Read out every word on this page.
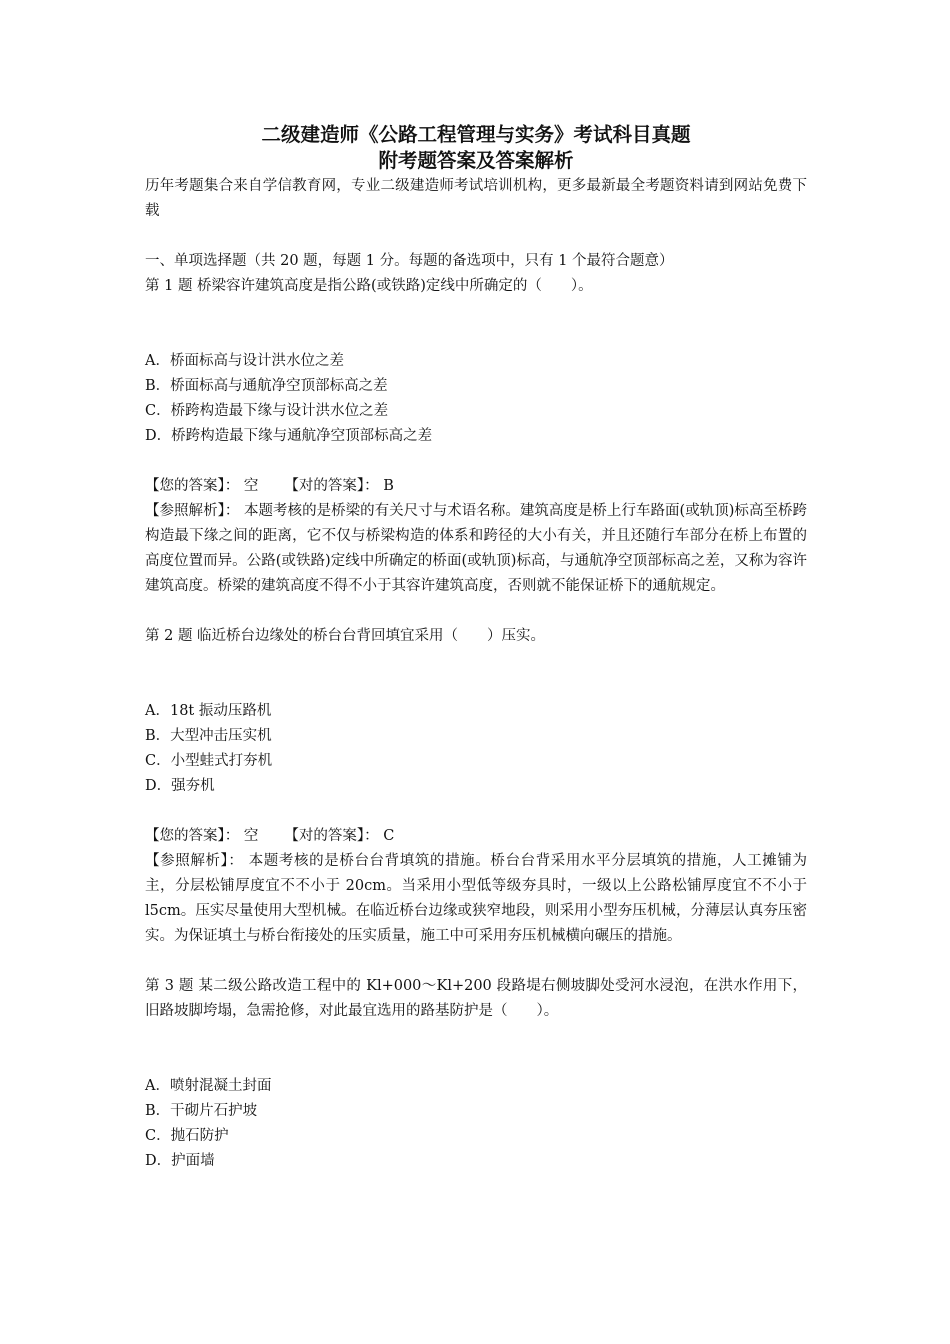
二级建造师《公路工程管理与实务》考试科目真题

附考题答案及答案解析

历年考题集合来自学信教育网，专业二级建造师考试培训机构，更多最新最全考题资料请到网站免费下载

一、单项选择题（共 20 题，每题 1 分。每题的备选项中，只有 1 个最符合题意）

第 1 题 桥梁容许建筑高度是指公路(或铁路)定线中所确定的（　　）。

A．桥面标高与设计洪水位之差

B．桥面标高与通航净空顶部标高之差

C．桥跨构造最下缘与设计洪水位之差

D．桥跨构造最下缘与通航净空顶部标高之差

【您的答案】： 空 【对的答案】： B

【参照解析】： 本题考核的是桥梁的有关尺寸与术语名称。建筑高度是桥上行车路面(或轨顶)标高至桥跨构造最下缘之间的距离，它不仅与桥梁构造的体系和跨径的大小有关，并且还随行车部分在桥上布置的高度位置而异。公路(或铁路)定线中所确定的桥面(或轨顶)标高，与通航净空顶部标高之差，又称为容许建筑高度。桥梁的建筑高度不得不小于其容许建筑高度，否则就不能保证桥下的通航规定。

第 2 题 临近桥台边缘处的桥台台背回填宜采用（　　）压实。

A．18t 振动压路机

B．大型冲击压实机

C．小型蛙式打夯机

D．强夯机

【您的答案】： 空 【对的答案】： C

【参照解析】： 本题考核的是桥台台背填筑的措施。桥台台背采用水平分层填筑的措施，人工摊铺为主，分层松铺厚度宜不不小于 20cm。当采用小型低等级夯具时，一级以上公路松铺厚度宜不不小于 l5cm。压实尽量使用大型机械。在临近桥台边缘或狭窄地段，则采用小型夯压机械，分薄层认真夯压密实。为保证填土与桥台衔接处的压实质量，施工中可采用夯压机械横向碾压的措施。

第 3 题 某二级公路改造工程中的 Kl+000～Kl+200 段路堤右侧坡脚处受河水浸泡，在洪水作用下，旧路坡脚垮塌，急需抢修，对此最宜选用的路基防护是（　　）。

A．喷射混凝土封面

B．干砌片石护坡

C．抛石防护

D．护面墙
